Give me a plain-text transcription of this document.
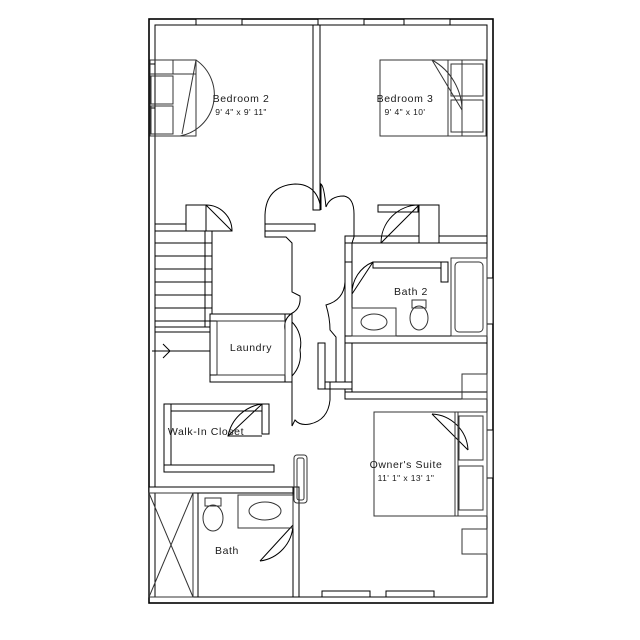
Bedroom 2
9' 4" x 9' 11"
Bedroom 3
9' 4" x 10'
Bath 2
Laundry
Walk-In Closet
Owner's Suite
11' 1" x 13' 1"
Bath
